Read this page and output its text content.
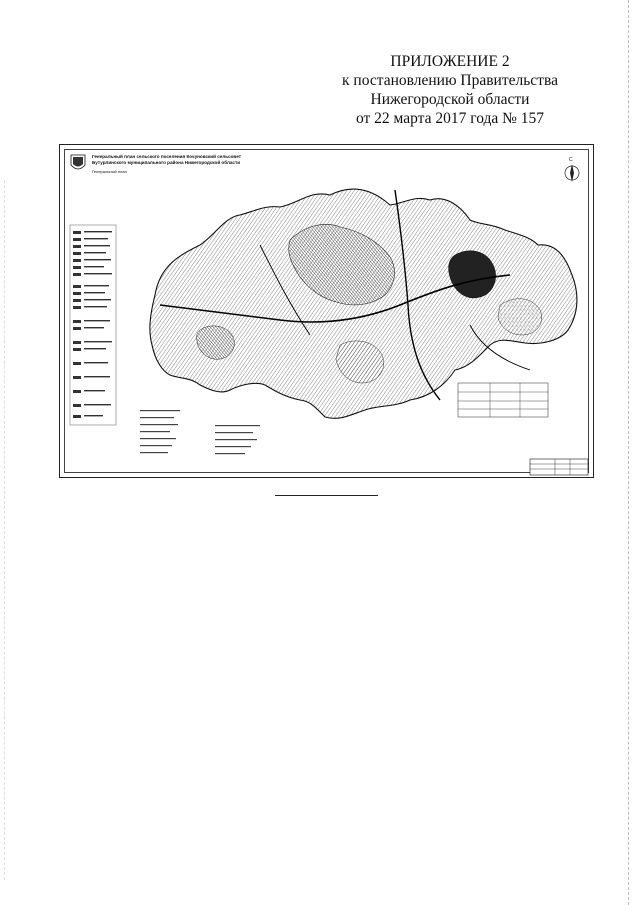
ПРИЛОЖЕНИЕ 2
к постановлению Правительства
Нижегородской области
от 22 марта 2017 года № 157
С
Генеральный план сельского поселения Кочуновский сельсовет
Бутурлинского муниципального района Нижегородской области
Генеральный план
